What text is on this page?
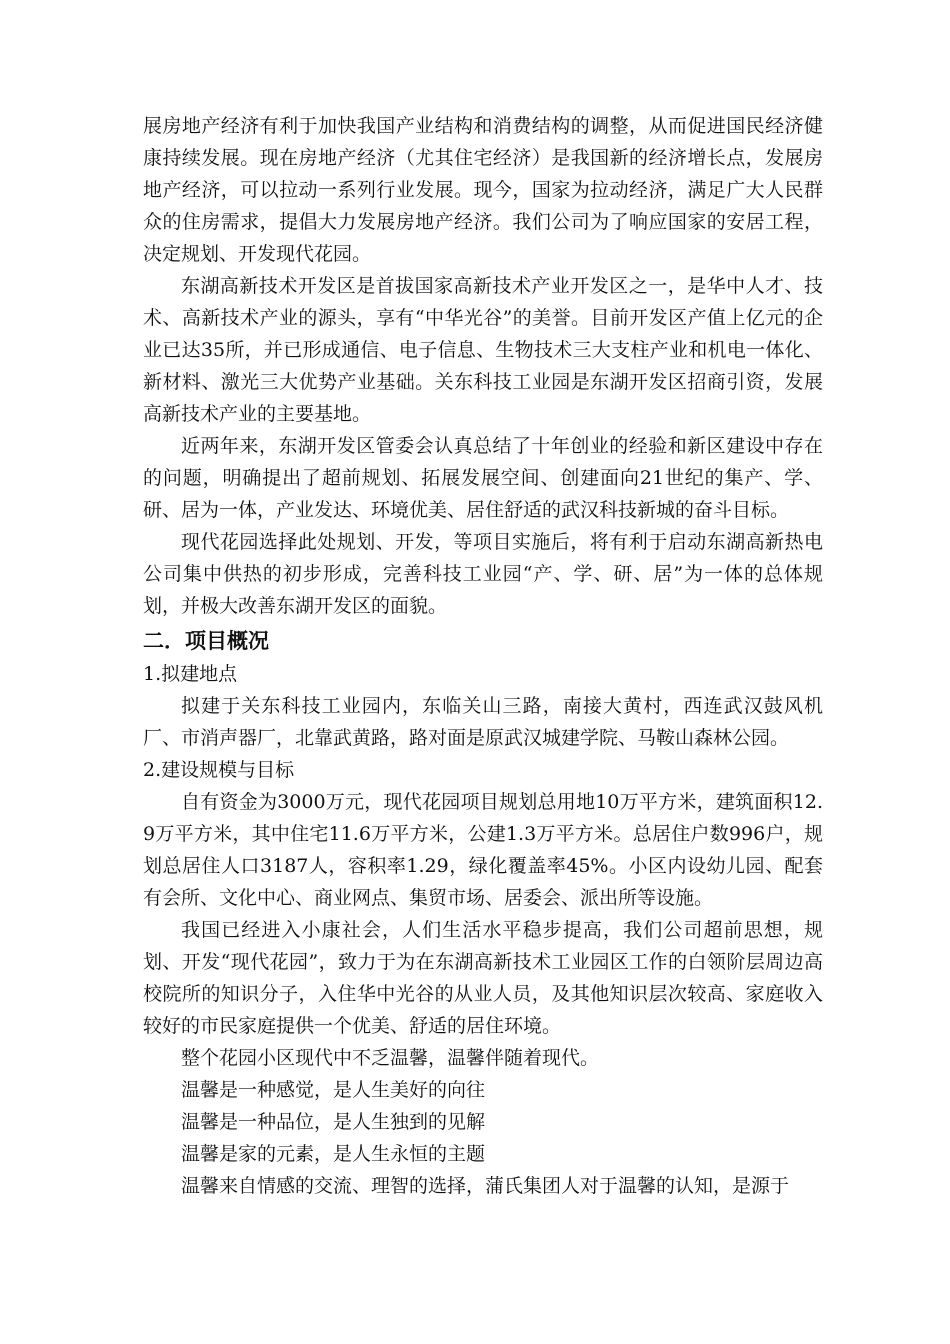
展房地产经济有利于加快我国产业结构和消费结构的调整，从而促进国民经济健康持续发展。现在房地产经济（尤其住宅经济）是我国新的经济增长点，发展房地产经济，可以拉动一系列行业发展。现今，国家为拉动经济，满足广大人民群众的住房需求，提倡大力发展房地产经济。我们公司为了响应国家的安居工程，决定规划、开发现代花园。

东湖高新技术开发区是首拔国家高新技术产业开发区之一，是华中人才、技术、高新技术产业的源头，享有“中华光谷”的美誉。目前开发区产值上亿元的企业已达35所，并已形成通信、电子信息、生物技术三大支柱产业和机电一体化、新材料、激光三大优势产业基础。关东科技工业园是东湖开发区招商引资，发展高新技术产业的主要基地。

近两年来，东湖开发区管委会认真总结了十年创业的经验和新区建设中存在的问题，明确提出了超前规划、拓展发展空间、创建面向21世纪的集产、学、研、居为一体，产业发达、环境优美、居住舒适的武汉科技新城的奋斗目标。

现代花园选择此处规划、开发，等项目实施后，将有利于启动东湖高新热电公司集中供热的初步形成，完善科技工业园“产、学、研、居”为一体的总体规划，并极大改善东湖开发区的面貌。

二．项目概况

1.拟建地点

拟建于关东科技工业园内，东临关山三路，南接大黄村，西连武汉鼓风机厂、市消声器厂，北靠武黄路，路对面是原武汉城建学院、马鞍山森林公园。

2.建设规模与目标

自有资金为3000万元，现代花园项目规划总用地10万平方米，建筑面积12.9万平方米，其中住宅11.6万平方米，公建1.3万平方米。总居住户数996户，规划总居住人口3187人，容积率1.29，绿化覆盖率45%。小区内设幼儿园、配套有会所、文化中心、商业网点、集贸市场、居委会、派出所等设施。

我国已经进入小康社会，人们生活水平稳步提高，我们公司超前思想，规划、开发“现代花园”，致力于为在东湖高新技术工业园区工作的白领阶层周边高校院所的知识分子，入住华中光谷的从业人员，及其他知识层次较高、家庭收入较好的市民家庭提供一个优美、舒适的居住环境。

整个花园小区现代中不乏温馨，温馨伴随着现代。

温馨是一种感觉，是人生美好的向往

温馨是一种品位，是人生独到的见解

温馨是家的元素，是人生永恒的主题

温馨来自情感的交流、理智的选择，蒲氏集团人对于温馨的认知，是源于
